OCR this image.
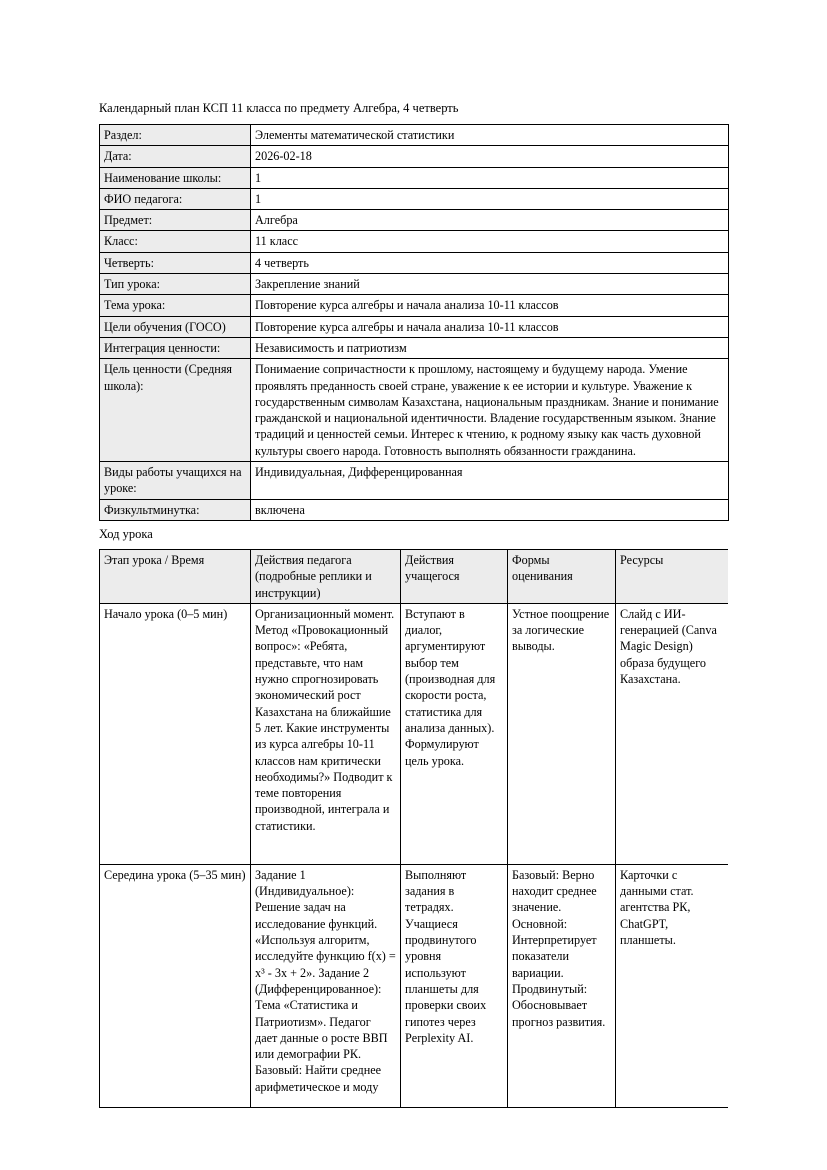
Календарный план КСП 11 класса по предмету Алгебра, 4 четверть

Раздел:	Элементы математической статистики
Дата:	2026-02-18
Наименование школы:	1
ФИО педагога:	1
Предмет:	Алгебра
Класс:	11 класс
Четверть:	4 четверть
Тип урока:	Закрепление знаний
Тема урока:	Повторение курса алгебры и начала анализа 10-11 классов
Цели обучения (ГОСО)	Повторение курса алгебры и начала анализа 10-11 классов
Интеграция ценности:	Независимость и патриотизм
Цель ценности (Средняя школа):	Понимаение сопричастности к прошлому, настоящему и будущему народа. Умение проявлять преданность своей стране, уважение к ее истории и культуре. Уважение к государственным символам Казахстана, национальным праздникам. Знание и понимание гражданской и национальной идентичности. Владение государственным языком. Знание традиций и ценностей семьи. Интерес к чтению, к родному языку как часть духовной культуры своего народа. Готовность выполнять обязанности гражданина.
Виды работы учащихся на уроке:	Индивидуальная, Дифференцированная
Физкультминутка:	включена

Ход урока

Этап урока / Время	Действия педагога (подробные реплики и инструкции)	Действия учащегося	Формы оценивания	Ресурсы
Начало урока (0–5 мин)	Организационный момент. Метод «Провокационный вопрос»: «Ребята, представьте, что нам нужно спрогнозировать экономический рост Казахстана на ближайшие 5 лет. Какие инструменты из курса алгебры 10-11 классов нам критически необходимы?» Подводит к теме повторения производной, интеграла и статистики.	Вступают в диалог, аргументируют выбор тем (производная для скорости роста, статистика для анализа данных). Формулируют цель урока.	Устное поощрение за логические выводы.	Слайд с ИИ-генерацией (Canva Magic Design) образа будущего Казахстана.
Середина урока (5–35 мин)	Задание 1 (Индивидуальное): Решение задач на исследование функций. «Используя алгоритм, исследуйте функцию f(x) = x³ - 3x + 2». Задание 2 (Дифференцированное): Тема «Статистика и Патриотизм». Педагог дает данные о росте ВВП или демографии РК. Базовый: Найти среднее арифметическое и моду	Выполняют задания в тетрадях. Учащиеся продвинутого уровня используют планшеты для проверки своих гипотез через Perplexity AI.	Базовый: Верно находит среднее значение. Основной: Интерпретирует показатели вариации. Продвинутый: Обосновывает прогноз развития.	Карточки с данными стат. агентства РК, ChatGPT, планшеты.
